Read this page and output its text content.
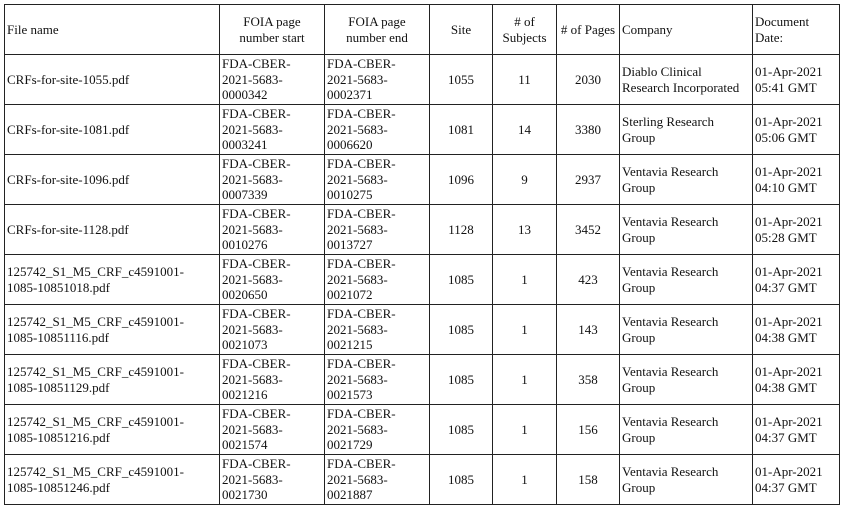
File name	FOIA page
number start	FOIA page
number end	Site	# of
Subjects	# of Pages	Company	Document
Date:

CRFs-for-site-1055.pdf	FDA-CBER-
2021-5683-
0000342	FDA-CBER-
2021-5683-
0002371	1055	11	2030	Diablo Clinical
Research Incorporated	01-Apr-2021
05:41 GMT

CRFs-for-site-1081.pdf	FDA-CBER-
2021-5683-
0003241	FDA-CBER-
2021-5683-
0006620	1081	14	3380	Sterling Research
Group	01-Apr-2021
05:06 GMT

CRFs-for-site-1096.pdf	FDA-CBER-
2021-5683-
0007339	FDA-CBER-
2021-5683-
0010275	1096	9	2937	Ventavia Research
Group	01-Apr-2021
04:10 GMT

CRFs-for-site-1128.pdf	FDA-CBER-
2021-5683-
0010276	FDA-CBER-
2021-5683-
0013727	1128	13	3452	Ventavia Research
Group	01-Apr-2021
05:28 GMT

125742_S1_M5_CRF_c4591001-
1085-10851018.pdf	FDA-CBER-
2021-5683-
0020650	FDA-CBER-
2021-5683-
0021072	1085	1	423	Ventavia Research
Group	01-Apr-2021
04:37 GMT

125742_S1_M5_CRF_c4591001-
1085-10851116.pdf	FDA-CBER-
2021-5683-
0021073	FDA-CBER-
2021-5683-
0021215	1085	1	143	Ventavia Research
Group	01-Apr-2021
04:38 GMT

125742_S1_M5_CRF_c4591001-
1085-10851129.pdf	FDA-CBER-
2021-5683-
0021216	FDA-CBER-
2021-5683-
0021573	1085	1	358	Ventavia Research
Group	01-Apr-2021
04:38 GMT

125742_S1_M5_CRF_c4591001-
1085-10851216.pdf	FDA-CBER-
2021-5683-
0021574	FDA-CBER-
2021-5683-
0021729	1085	1	156	Ventavia Research
Group	01-Apr-2021
04:37 GMT

125742_S1_M5_CRF_c4591001-
1085-10851246.pdf	FDA-CBER-
2021-5683-
0021730	FDA-CBER-
2021-5683-
0021887	1085	1	158	Ventavia Research
Group	01-Apr-2021
04:37 GMT
